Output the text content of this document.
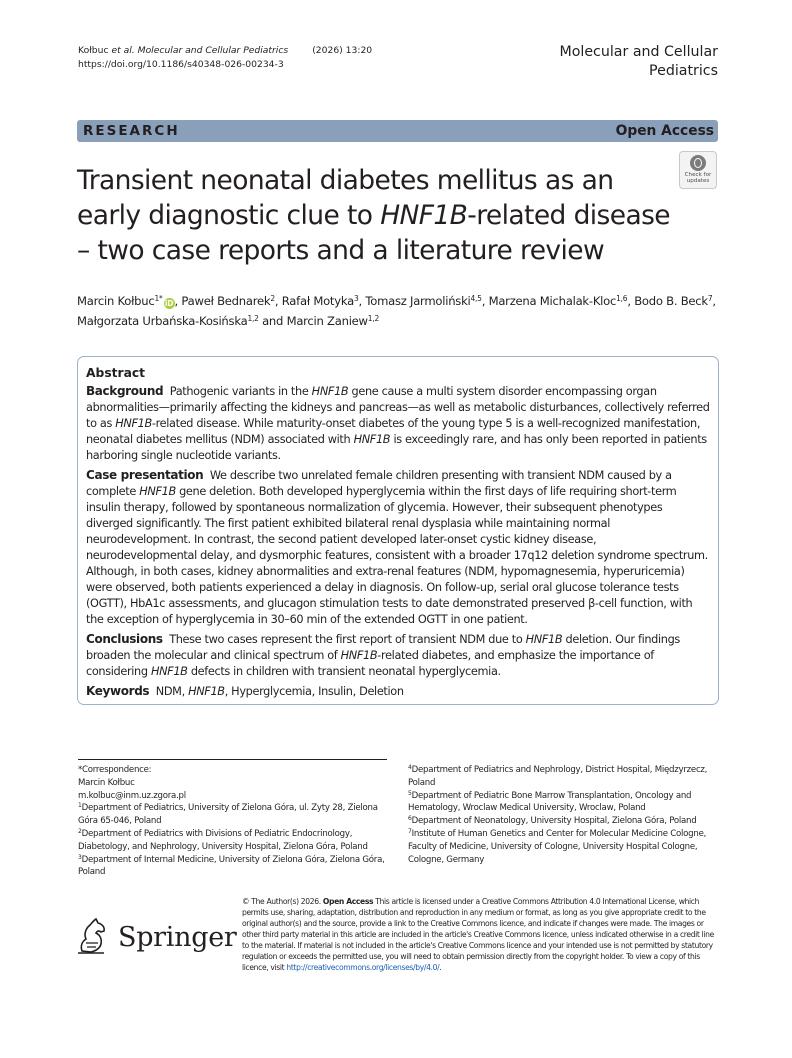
Kołbuc et al. Molecular and Cellular Pediatrics	(2026) 13:20
https://doi.org/10.1186/s40348-026-00234-3
Molecular and Cellular
Pediatrics
RESEARCH	Open Access
Check for
updates
Transient neonatal diabetes mellitus as an early diagnostic clue to HNF1B-related disease – two case reports and a literature review
Marcin Kołbuc$^{1*}$iD, Paweł Bednarek$^2$, Rafał Motyka$^3$, Tomasz Jarmoliński$^{4,5}$, Marzena Michalak-Kloc$^{1,6}$, Bodo B. Beck$^7$, Małgorzata Urbańska-Kosińska$^{1,2}$ and Marcin Zaniew$^{1,2}$
Abstract

Background Pathogenic variants in the HNF1B gene cause a multi system disorder encompassing organ abnormalities—primarily affecting the kidneys and pancreas—as well as metabolic disturbances, collectively referred to as HNF1B-related disease. While maturity-onset diabetes of the young type 5 is a well-recognized manifestation, neonatal diabetes mellitus (NDM) associated with HNF1B is exceedingly rare, and has only been reported in patients harboring single nucleotide variants.

Case presentation We describe two unrelated female children presenting with transient NDM caused by a complete HNF1B gene deletion. Both developed hyperglycemia within the first days of life requiring short-term insulin therapy, followed by spontaneous normalization of glycemia. However, their subsequent phenotypes diverged significantly. The first patient exhibited bilateral renal dysplasia while maintaining normal neurodevelopment. In contrast, the second patient developed later-onset cystic kidney disease, neurodevelopmental delay, and dysmorphic features, consistent with a broader 17q12 deletion syndrome spectrum. Although, in both cases, kidney abnormalities and extra-renal features (NDM, hypomagnesemia, hyperuricemia) were observed, both patients experienced a delay in diagnosis. On follow-up, serial oral glucose tolerance tests (OGTT), HbA1c assessments, and glucagon stimulation tests to date demonstrated preserved β-cell function, with the exception of hyperglycemia in 30–60 min of the extended OGTT in one patient.

Conclusions These two cases represent the first report of transient NDM due to HNF1B deletion. Our findings broaden the molecular and clinical spectrum of HNF1B-related diabetes, and emphasize the importance of considering HNF1B defects in children with transient neonatal hyperglycemia.

Keywords NDM, HNF1B, Hyperglycemia, Insulin, Deletion

*Correspondence:
Marcin Kołbuc
m.kolbuc@inm.uz.zgora.pl
$^1$Department of Pediatrics, University of Zielona Góra, ul. Zyty 28, Zielona Góra 65-046, Poland
$^2$Department of Pediatrics with Divisions of Pediatric Endocrinology, Diabetology, and Nephrology, University Hospital, Zielona Góra, Poland
$^3$Department of Internal Medicine, University of Zielona Góra, Zielona Góra, Poland
$^4$Department of Pediatrics and Nephrology, District Hospital, Międzyrzecz, Poland
$^5$Department of Pediatric Bone Marrow Transplantation, Oncology and Hematology, Wroclaw Medical University, Wroclaw, Poland
$^6$Department of Neonatology, University Hospital, Zielona Góra, Poland
$^7$Institute of Human Genetics and Center for Molecular Medicine Cologne, Faculty of Medicine, University of Cologne, University Hospital Cologne, Cologne, Germany
Springer
© The Author(s) 2026. Open Access This article is licensed under a Creative Commons Attribution 4.0 International License, which permits use, sharing, adaptation, distribution and reproduction in any medium or format, as long as you give appropriate credit to the original author(s) and the source, provide a link to the Creative Commons licence, and indicate if changes were made. The images or other third party material in this article are included in the article's Creative Commons licence, unless indicated otherwise in a credit line to the material. If material is not included in the article's Creative Commons licence and your intended use is not permitted by statutory regulation or exceeds the permitted use, you will need to obtain permission directly from the copyright holder. To view a copy of this licence, visit http://creativecommons.org/licenses/by/4.0/.
